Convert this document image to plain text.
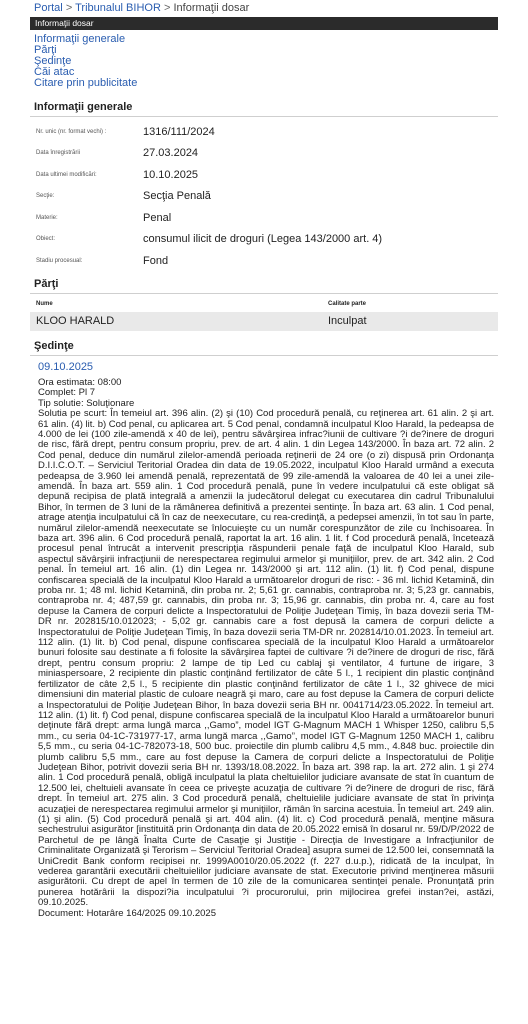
Portal > Tribunalul BIHOR > Informaţii dosar
Informaţii dosar
Informaţii generale
Părţi
Şedinţe
Căi atac
Citare prin publicitate
Informaţii generale
Nr. unic (nr. format vechi) :	1316/111/2024
Data înregistrării	27.03.2024
Data ultimei modificări:	10.10.2025
Secţie:	Secţia Penală
Materie:	Penal
Obiect:	consumul ilicit de droguri (Legea 143/2000 art. 4)
Stadiu procesual:	Fond
Părţi
Nume	Calitate parte
KLOO HARALD	Inculpat
Şedinţe
09.10.2025
Ora estimata: 08:00
Complet: Pl 7
Tip solutie: Soluţionare

Solutia pe scurt: În temeiul art. 396 alin. (2) şi (10) Cod procedură penală, cu reţinerea art. 61 alin. 2 şi art. 61 alin. (4) lit. b) Cod penal, cu aplicarea art. 5 Cod penal, condamnă inculpatul Kloo Harald, la pedeapsa de 4.000 de lei (100 zile-amendă x 40 de lei), pentru săvârşirea infrac?iunii de cultivare ?i de?inere de droguri de risc, fără drept, pentru consum propriu, prev. de art. 4 alin. 1 din Legea 143/2000. În baza art. 72 alin. 2 Cod penal, deduce din numărul zilelor-amendă perioada reţinerii de 24 ore (o zi) dispusă prin Ordonanţa D.I.I.C.O.T. – Serviciul Teritorial Oradea din data de 19.05.2022, inculpatul Kloo Harald urmând a executa pedeapsa de 3.960 lei amendă penală, reprezentată de 99 zile-amendă la valoarea de 40 lei a unei zile-amendă. În baza art. 559 alin. 1 Cod procedură penală, pune în vedere inculpatului că este obligat să depună recipisa de plată integrală a amenzii la judecătorul delegat cu executarea din cadrul Tribunalului Bihor, în termen de 3 luni de la rămânerea definitivă a prezentei sentinţe. În baza art. 63 alin. 1 Cod penal, atrage atenţia inculpatului că în caz de neexecutare, cu rea-credinţă, a pedepsei amenzii, în tot sau în parte, numărul zilelor-amendă neexecutate se înlocuieşte cu un număr corespunzător de zile cu închisoarea. În baza art. 396 alin. 6 Cod procedură penală, raportat la art. 16 alin. 1 lit. f Cod procedură penală, încetează procesul penal întrucât a intervenit prescripţia răspunderii penale faţă de inculpatul Kloo Harald, sub aspectul săvârşirii infracţiunii de nerespectarea regimului armelor şi muniţiilor, prev. de art. 342 alin. 2 Cod penal. În temeiul art. 16 alin. (1) din Legea nr. 143/2000 şi art. 112 alin. (1) lit. f) Cod penal, dispune confiscarea specială de la inculpatul Kloo Harald a următoarelor droguri de risc: - 36 ml. lichid Ketamină, din proba nr. 1; 48 ml. lichid Ketamină, din proba nr. 2; 5,61 gr. cannabis, contraproba nr. 3; 5,23 gr. cannabis, contraproba nr. 4; 487,59 gr. cannabis, din proba nr. 3; 15,96 gr. cannabis, din proba nr. 4, care au fost depuse la Camera de corpuri delicte a Inspectoratului de Poliţie Judeţean Timiş, în baza dovezii seria TM-DR nr. 202815/10.012023; - 5,02 gr. cannabis care a fost depusă la camera de corpuri delicte a Inspectoratului de Poliţie Judeţean Timiş, în baza dovezii seria TM-DR nr. 202814/10.01.2023. În temeiul art. 112 alin. (1) lit. b) Cod penal, dispune confiscarea specială de la inculpatul Kloo Harald a următoarelor bunuri folosite sau destinate a fi folosite la săvârşirea faptei de cultivare ?i de?inere de droguri de risc, fără drept, pentru consum propriu: 2 lampe de tip Led cu cablaj şi ventilator, 4 furtune de irigare, 3 miniaspersoare, 2 recipiente din plastic conţinând fertilizator de câte 5 l., 1 recipient din plastic conţinând fertilizator de câte 2,5 l., 5 recipiente din plastic conţinând fertilizator de câte 1 l., 32 ghivece de mici dimensiuni din material plastic de culoare neagră şi maro, care au fost depuse la Camera de corpuri delicte a Inspectoratului de Poliţie Judeţean Bihor, în baza dovezii seria BH nr. 0041714/23.05.2022. În temeiul art. 112 alin. (1) lit. f) Cod penal, dispune confiscarea specială de la inculpatul Kloo Harald a următoarelor bunuri deţinute fără drept: arma lungă marca ,,Gamo”, model IGT G-Magnum MACH 1 Whisper 1250, calibru 5,5 mm., cu seria 04-1C-731977-17, arma lungă marca ,,Gamo”, model IGT G-Magnum 1250 MACH 1, calibru 5,5 mm., cu seria 04-1C-782073-18, 500 buc. proiectile din plumb calibru 4,5 mm., 4.848 buc. proiectile din plumb calibru 5,5 mm., care au fost depuse la Camera de corpuri delicte a Inspectoratului de Poliţie Judeţean Bihor, potrivit dovezii seria BH nr. 1393/18.08.2022. În baza art. 398 rap. la art. 272 alin. 1 şi 274 alin. 1 Cod procedură penală, obligă inculpatul la plata cheltuielilor judiciare avansate de stat în cuantum de 12.500 lei, cheltuieli avansate în ceea ce priveşte acuzaţia de cultivare ?i de?inere de droguri de risc, fără drept. În temeiul art. 275 alin. 3 Cod procedură penală, cheltuielile judiciare avansate de stat în privinţa acuzaţiei de nerespectarea regimului armelor şi muniţiilor, rămân în sarcina acestuia. În temeiul art. 249 alin. (1) şi alin. (5) Cod procedură penală şi art. 404 alin. (4) lit. c) Cod procedură penală, menţine măsura sechestrului asigurător [instituită prin Ordonanţa din data de 20.05.2022 emisă în dosarul nr. 59/D/P/2022 de Parchetul de pe lângă Înalta Curte de Casaţie şi Justiţie - Direcţia de Investigare a Infracţiunilor de Criminalitate Organizată şi Terorism – Serviciul Teritorial Oradea] asupra sumei de 12.500 lei, consemnată la UniCredit Bank conform recipisei nr. 1999A0010/20.05.2022 (f. 227 d.u.p.), ridicată de la inculpat, în vederea garantării executării cheltuielilor judiciare avansate de stat. Executorie privind menţinerea măsurii asigurătorii. Cu drept de apel în termen de 10 zile de la comunicarea sentinţei penale. Pronunţată prin punerea hotărârii la dispozi?ia inculpatului ?i procurorului, prin mijlocirea grefei instan?ei, astăzi, 09.10.2025.

Document: Hotarâre 164/2025 09.10.2025
